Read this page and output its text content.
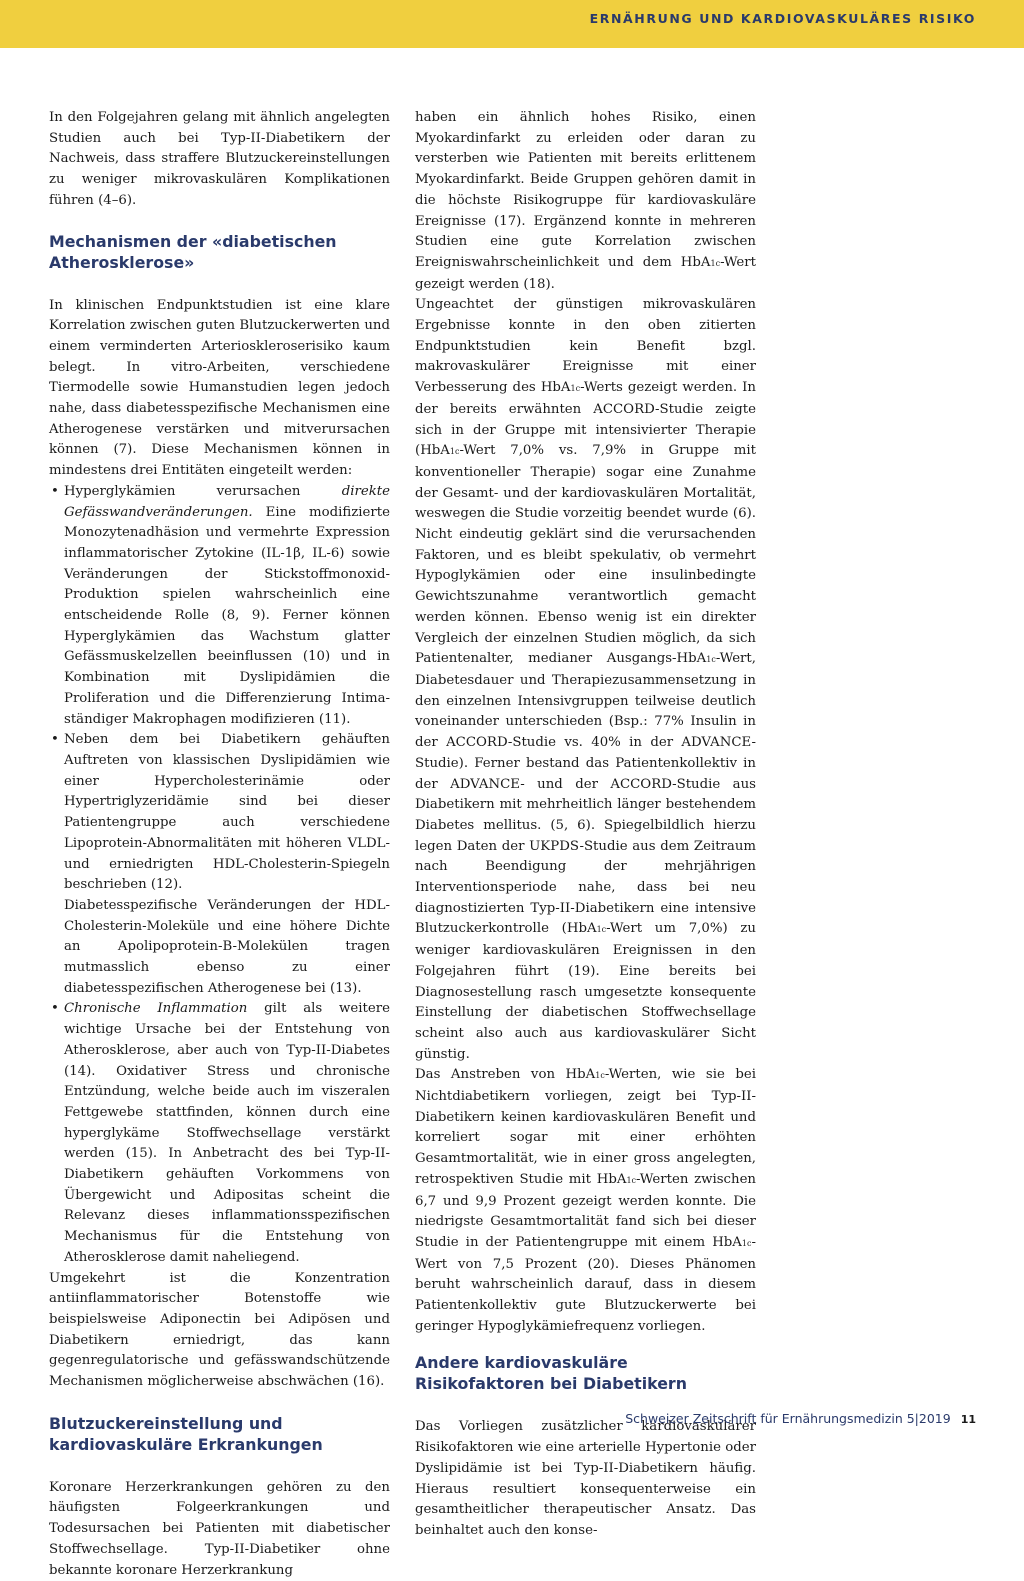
ERNÄHRUNG UND KARDIOVASKULÄRES RISIKO

In den Folgejahren gelang mit ähnlich angelegten Studien auch bei Typ-II-Diabetikern der Nachweis, dass straffere Blutzuckereinstellungen zu weniger mikrovaskulären Komplikationen führen (4–6).

Mechanismen der «diabetischen Atherosklerose»

In klinischen Endpunktstudien ist eine klare Korrelation zwischen guten Blutzuckerwerten und einem verminderten Arterioskleroserisiko kaum belegt. In vitro-Arbeiten, verschiedene Tiermodelle sowie Humanstudien legen jedoch nahe, dass diabetesspezifische Mechanismen eine Atherogenese verstärken und mitverursachen können (7). Diese Mechanismen können in mindestens drei Entitäten eingeteilt werden:

• Hyperglykämien verursachen direkte Gefässwandveränderungen. Eine modifizierte Monozytenadhäsion und vermehrte Expression inflammatorischer Zytokine (IL-1β, IL-6) sowie Veränderungen der Stickstoffmonoxid-Produktion spielen wahrscheinlich eine entscheidende Rolle (8, 9). Ferner können Hyperglykämien das Wachstum glatter Gefässmuskelzellen beeinflussen (10) und in Kombination mit Dyslipidämien die Proliferation und die Differenzierung Intima-ständiger Makrophagen modifizieren (11).
• Neben dem bei Diabetikern gehäuften Auftreten von klassischen Dyslipidämien wie einer Hypercholesterinämie oder Hypertriglyzeridämie sind bei dieser Patientengruppe auch verschiedene Lipoprotein-Abnormalitäten mit höheren VLDL- und erniedrigten HDL-Cholesterin-Spiegeln beschrieben (12).
Diabetesspezifische Veränderungen der HDL-Cholesterin-Moleküle und eine höhere Dichte an Apolipoprotein-B-Molekülen tragen mutmasslich ebenso zu einer diabetesspezifischen Atherogenese bei (13).
• Chronische Inflammation gilt als weitere wichtige Ursache bei der Entstehung von Atherosklerose, aber auch von Typ-II-Diabetes (14). Oxidativer Stress und chronische Entzündung, welche beide auch im viszeralen Fettgewebe stattfinden, können durch eine hyperglykäme Stoffwechsellage verstärkt werden (15). In Anbetracht des bei Typ-II-Diabetikern gehäuften Vorkommens von Übergewicht und Adipositas scheint die Relevanz dieses inflammationsspezifischen Mechanismus für die Entstehung von Atherosklerose damit naheliegend.

Umgekehrt ist die Konzentration antiinflammatorischer Botenstoffe wie beispielsweise Adiponectin bei Adipösen und Diabetikern erniedrigt, das kann gegenregulatorische und gefässwandschützende Mechanismen möglicherweise abschwächen (16).

Blutzuckereinstellung und kardiovaskuläre Erkrankungen

Koronare Herzerkrankungen gehören zu den häufigsten Folgeerkrankungen und Todesursachen bei Patienten mit diabetischer Stoffwechsellage. Typ-II-Diabetiker ohne bekannte koronare Herzerkrankung

haben ein ähnlich hohes Risiko, einen Myokardinfarkt zu erleiden oder daran zu versterben wie Patienten mit bereits erlittenem Myokardinfarkt. Beide Gruppen gehören damit in die höchste Risikogruppe für kardiovaskuläre Ereignisse (17). Ergänzend konnte in mehreren Studien eine gute Korrelation zwischen Ereigniswahrscheinlichkeit und dem HbA1c-Wert gezeigt werden (18).

Ungeachtet der günstigen mikrovaskulären Ergebnisse konnte in den oben zitierten Endpunktstudien kein Benefit bzgl. makrovaskulärer Ereignisse mit einer Verbesserung des HbA1c-Werts gezeigt werden. In der bereits erwähnten ACCORD-Studie zeigte sich in der Gruppe mit intensivierter Therapie (HbA1c-Wert 7,0% vs. 7,9% in Gruppe mit konventioneller Therapie) sogar eine Zunahme der Gesamt- und der kardiovaskulären Mortalität, weswegen die Studie vorzeitig beendet wurde (6). Nicht eindeutig geklärt sind die verursachenden Faktoren, und es bleibt spekulativ, ob vermehrt Hypoglykämien oder eine insulinbedingte Gewichtszunahme verantwortlich gemacht werden können. Ebenso wenig ist ein direkter Vergleich der einzelnen Studien möglich, da sich Patientenalter, medianer Ausgangs-HbA1c-Wert, Diabetesdauer und Therapiezusammensetzung in den einzelnen Intensivgruppen teilweise deutlich voneinander unterschieden (Bsp.: 77% Insulin in der ACCORD-Studie vs. 40% in der ADVANCE-Studie). Ferner bestand das Patientenkollektiv in der ADVANCE- und der ACCORD-Studie aus Diabetikern mit mehrheitlich länger bestehendem Diabetes mellitus. (5, 6). Spiegelbildlich hierzu legen Daten der UKPDS-Studie aus dem Zeitraum nach Beendigung der mehrjährigen Interventionsperiode nahe, dass bei neu diagnostizierten Typ-II-Diabetikern eine intensive Blutzuckerkontrolle (HbA1c-Wert um 7,0%) zu weniger kardiovaskulären Ereignissen in den Folgejahren führt (19). Eine bereits bei Diagnosestellung rasch umgesetzte konsequente Einstellung der diabetischen Stoffwechsellage scheint also auch aus kardiovaskulärer Sicht günstig.

Das Anstreben von HbA1c-Werten, wie sie bei Nichtdiabetikern vorliegen, zeigt bei Typ-II-Diabetikern keinen kardiovaskulären Benefit und korreliert sogar mit einer erhöhten Gesamtmortalität, wie in einer gross angelegten, retrospektiven Studie mit HbA1c-Werten zwischen 6,7 und 9,9 Prozent gezeigt werden konnte. Die niedrigste Gesamtmortalität fand sich bei dieser Studie in der Patientengruppe mit einem HbA1c-Wert von 7,5 Prozent (20). Dieses Phänomen beruht wahrscheinlich darauf, dass in diesem Patientenkollektiv gute Blutzuckerwerte bei geringer Hypoglykämiefrequenz vorliegen.

Andere kardiovaskuläre Risikofaktoren bei Diabetikern

Das Vorliegen zusätzlicher kardiovaskulärer Risikofaktoren wie eine arterielle Hypertonie oder Dyslipidämie ist bei Typ-II-Diabetikern häufig. Hieraus resultiert konsequenterweise ein gesamtheitlicher therapeutischer Ansatz. Das beinhaltet auch den konse-

Schweizer Zeitschrift für Ernährungsmedizin 5|2019 11
